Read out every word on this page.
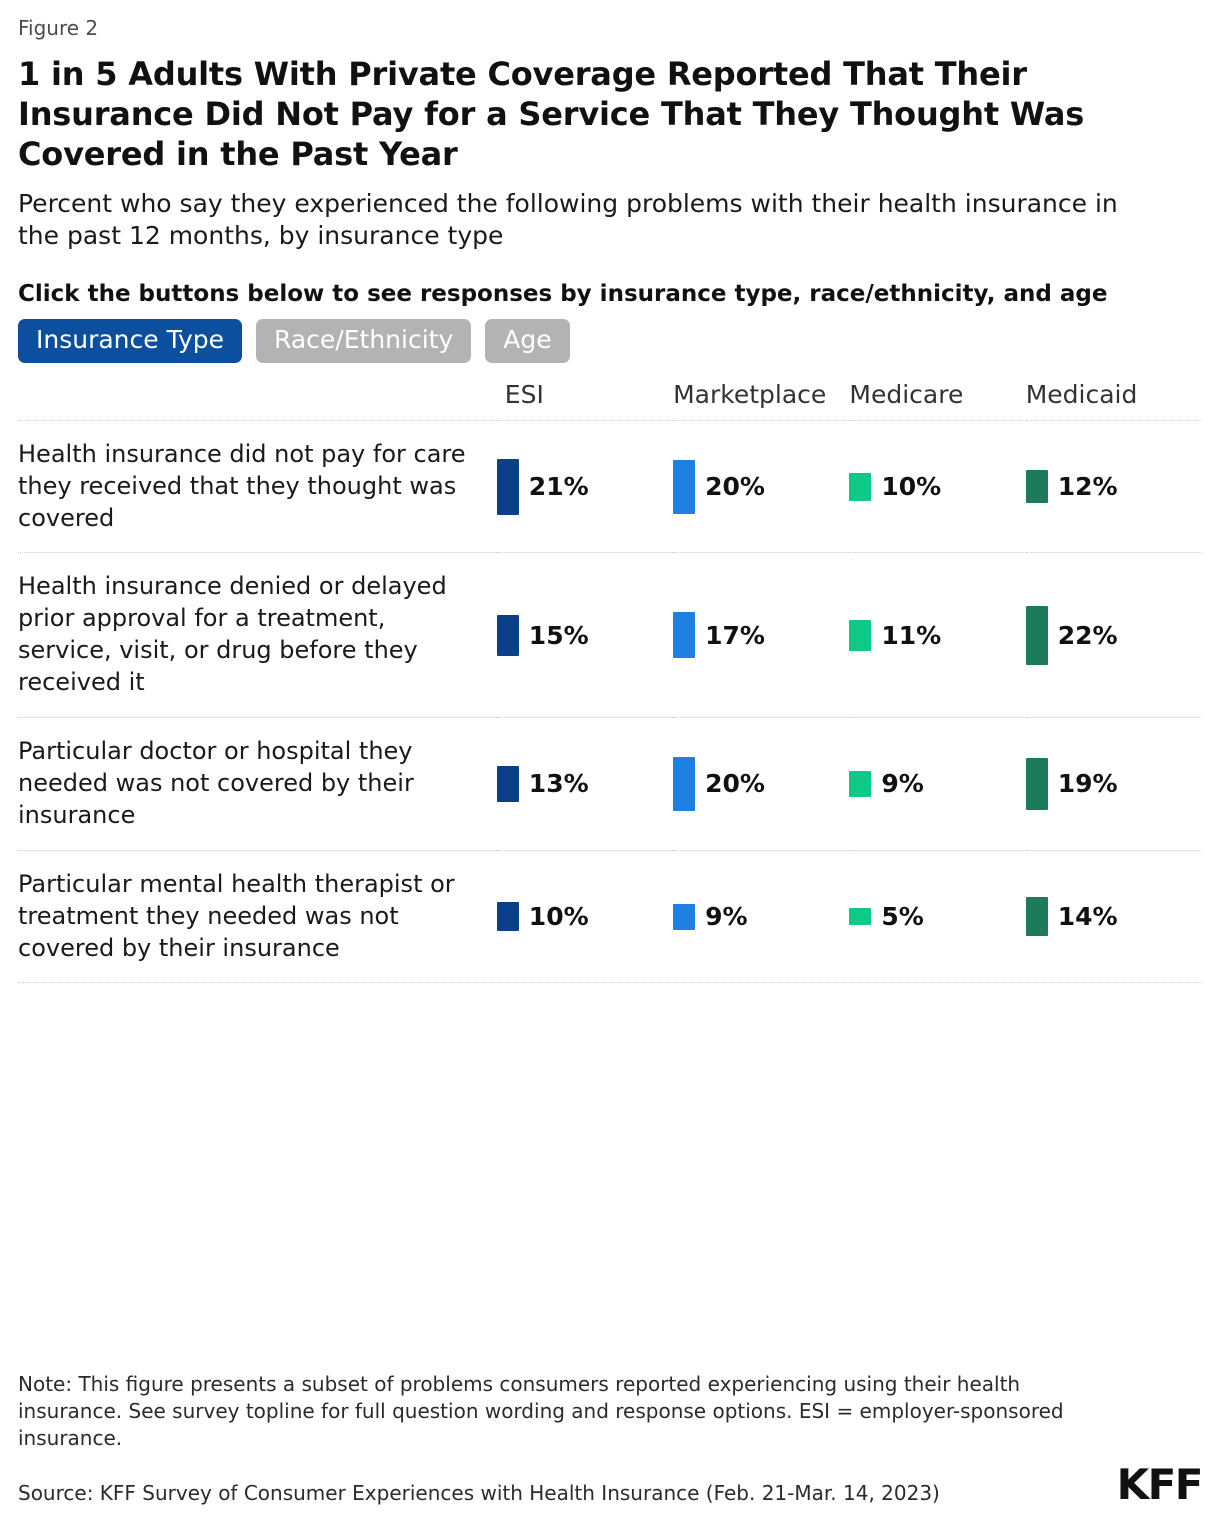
Figure 2
1 in 5 Adults With Private Coverage Reported That Their Insurance Did Not Pay for a Service That They Thought Was Covered in the Past Year
Percent who say they experienced the following problems with their health insurance in the past 12 months, by insurance type
Click the buttons below to see responses by insurance type, race/ethnicity, and age
Insurance Type	Race/Ethnicity	Age
	ESI	Marketplace	Medicare	Medicaid
Health insurance did not pay for care they received that they thought was covered	21%	20%	10%	12%

Health insurance denied or delayed prior approval for a treatment, service, visit, or drug before they received it	15%	17%	11%	22%

Particular doctor or hospital they needed was not covered by their insurance	13%	20%	9%	19%

Particular mental health therapist or treatment they needed was not covered by their insurance	10%	9%	5%	14%
Note: This figure presents a subset of problems consumers reported experiencing using their health insurance. See survey topline for full question wording and response options. ESI = employer-sponsored insurance.
Source: KFF Survey of Consumer Experiences with Health Insurance (Feb. 21-Mar. 14, 2023)	KFF
